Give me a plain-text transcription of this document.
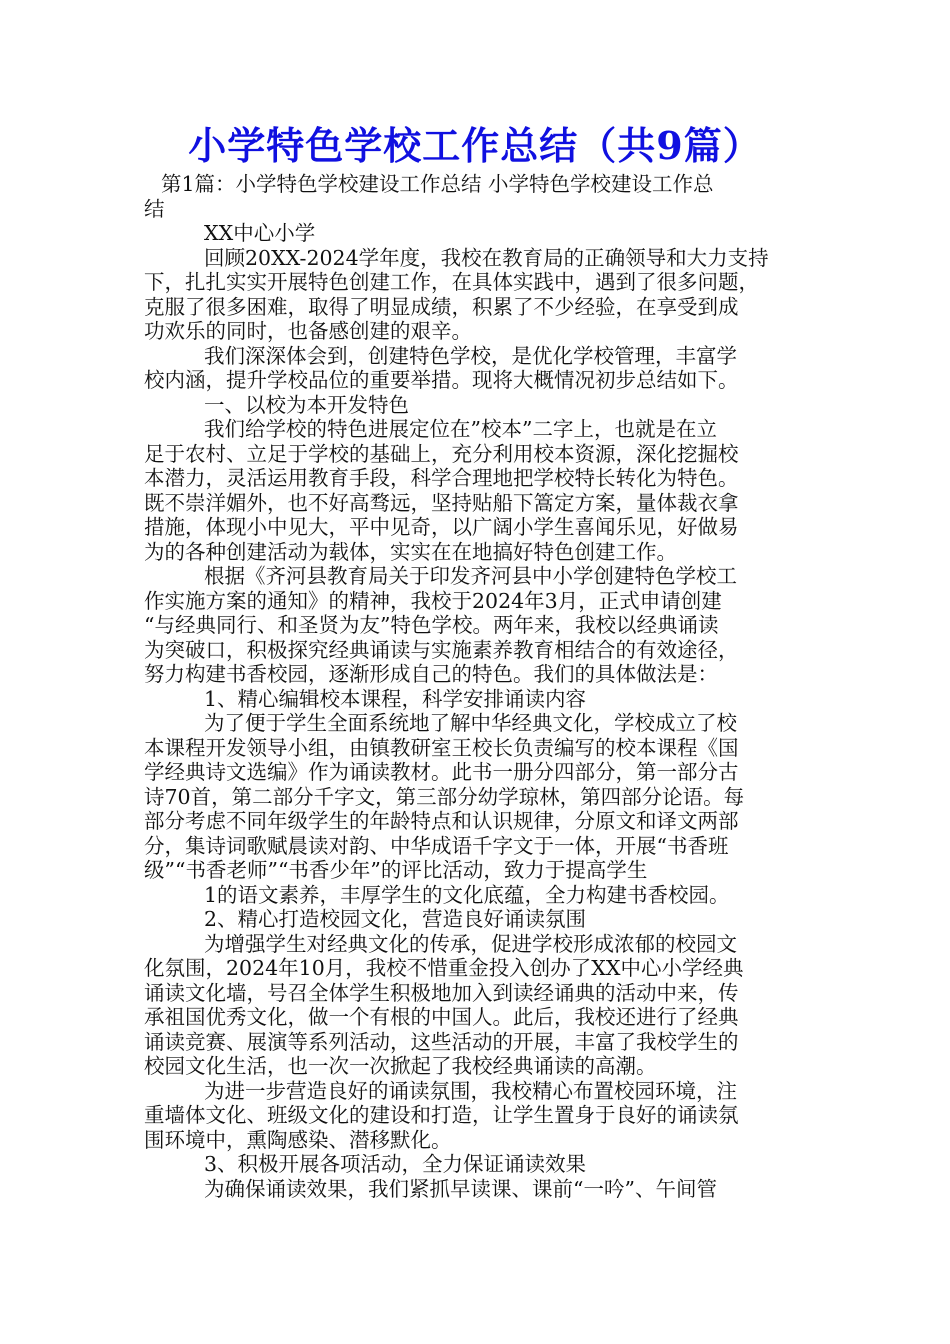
小学特色学校工作总结（共9篇）
第1篇：小学特色学校建设工作总结 小学特色学校建设工作总
结
XX中心小学
回顾20XX-2024学年度，我校在教育局的正确领导和大力支持
下，扎扎实实开展特色创建工作，在具体实践中，遇到了很多问题，
克服了很多困难，取得了明显成绩，积累了不少经验，在享受到成
功欢乐的同时，也备感创建的艰辛。
我们深深体会到，创建特色学校，是优化学校管理，丰富学
校内涵，提升学校品位的重要举措。现将大概情况初步总结如下。
一、以校为本开发特色
我们给学校的特色进展定位在”校本”二字上，也就是在立
足于农村、立足于学校的基础上，充分利用校本资源，深化挖掘校
本潜力，灵活运用教育手段，科学合理地把学校特长转化为特色。
既不崇洋媚外，也不好高骛远，坚持贴船下篙定方案，量体裁衣拿
措施，体现小中见大，平中见奇，以广阔小学生喜闻乐见，好做易
为的各种创建活动为载体，实实在在地搞好特色创建工作。
根据《齐河县教育局关于印发齐河县中小学创建特色学校工
作实施方案的通知》的精神，我校于2024年3月，正式申请创建
“与经典同行、和圣贤为友”特色学校。两年来，我校以经典诵读
为突破口，积极探究经典诵读与实施素养教育相结合的有效途径，
努力构建书香校园，逐渐形成自己的特色。我们的具体做法是：
1、精心编辑校本课程，科学安排诵读内容
为了便于学生全面系统地了解中华经典文化，学校成立了校
本课程开发领导小组，由镇教研室王校长负责编写的校本课程《国
学经典诗文选编》作为诵读教材。此书一册分四部分，第一部分古
诗70首，第二部分千字文，第三部分幼学琼林，第四部分论语。每
部分考虑不同年级学生的年龄特点和认识规律，分原文和译文两部
分，集诗词歌赋晨读对韵、中华成语千字文于一体，开展“书香班
级”“书香老师”“书香少年”的评比活动，致力于提高学生
1的语文素养，丰厚学生的文化底蕴，全力构建书香校园。
2、精心打造校园文化，营造良好诵读氛围
为增强学生对经典文化的传承，促进学校形成浓郁的校园文
化氛围，2024年10月，我校不惜重金投入创办了XX中心小学经典
诵读文化墙，号召全体学生积极地加入到读经诵典的活动中来，传
承祖国优秀文化，做一个有根的中国人。此后，我校还进行了经典
诵读竞赛、展演等系列活动，这些活动的开展，丰富了我校学生的
校园文化生活，也一次一次掀起了我校经典诵读的高潮。
为进一步营造良好的诵读氛围，我校精心布置校园环境，注
重墙体文化、班级文化的建设和打造，让学生置身于良好的诵读氛
围环境中，熏陶感染、潜移默化。
3、积极开展各项活动，全力保证诵读效果
为确保诵读效果，我们紧抓早读课、课前“一吟”、午间管
